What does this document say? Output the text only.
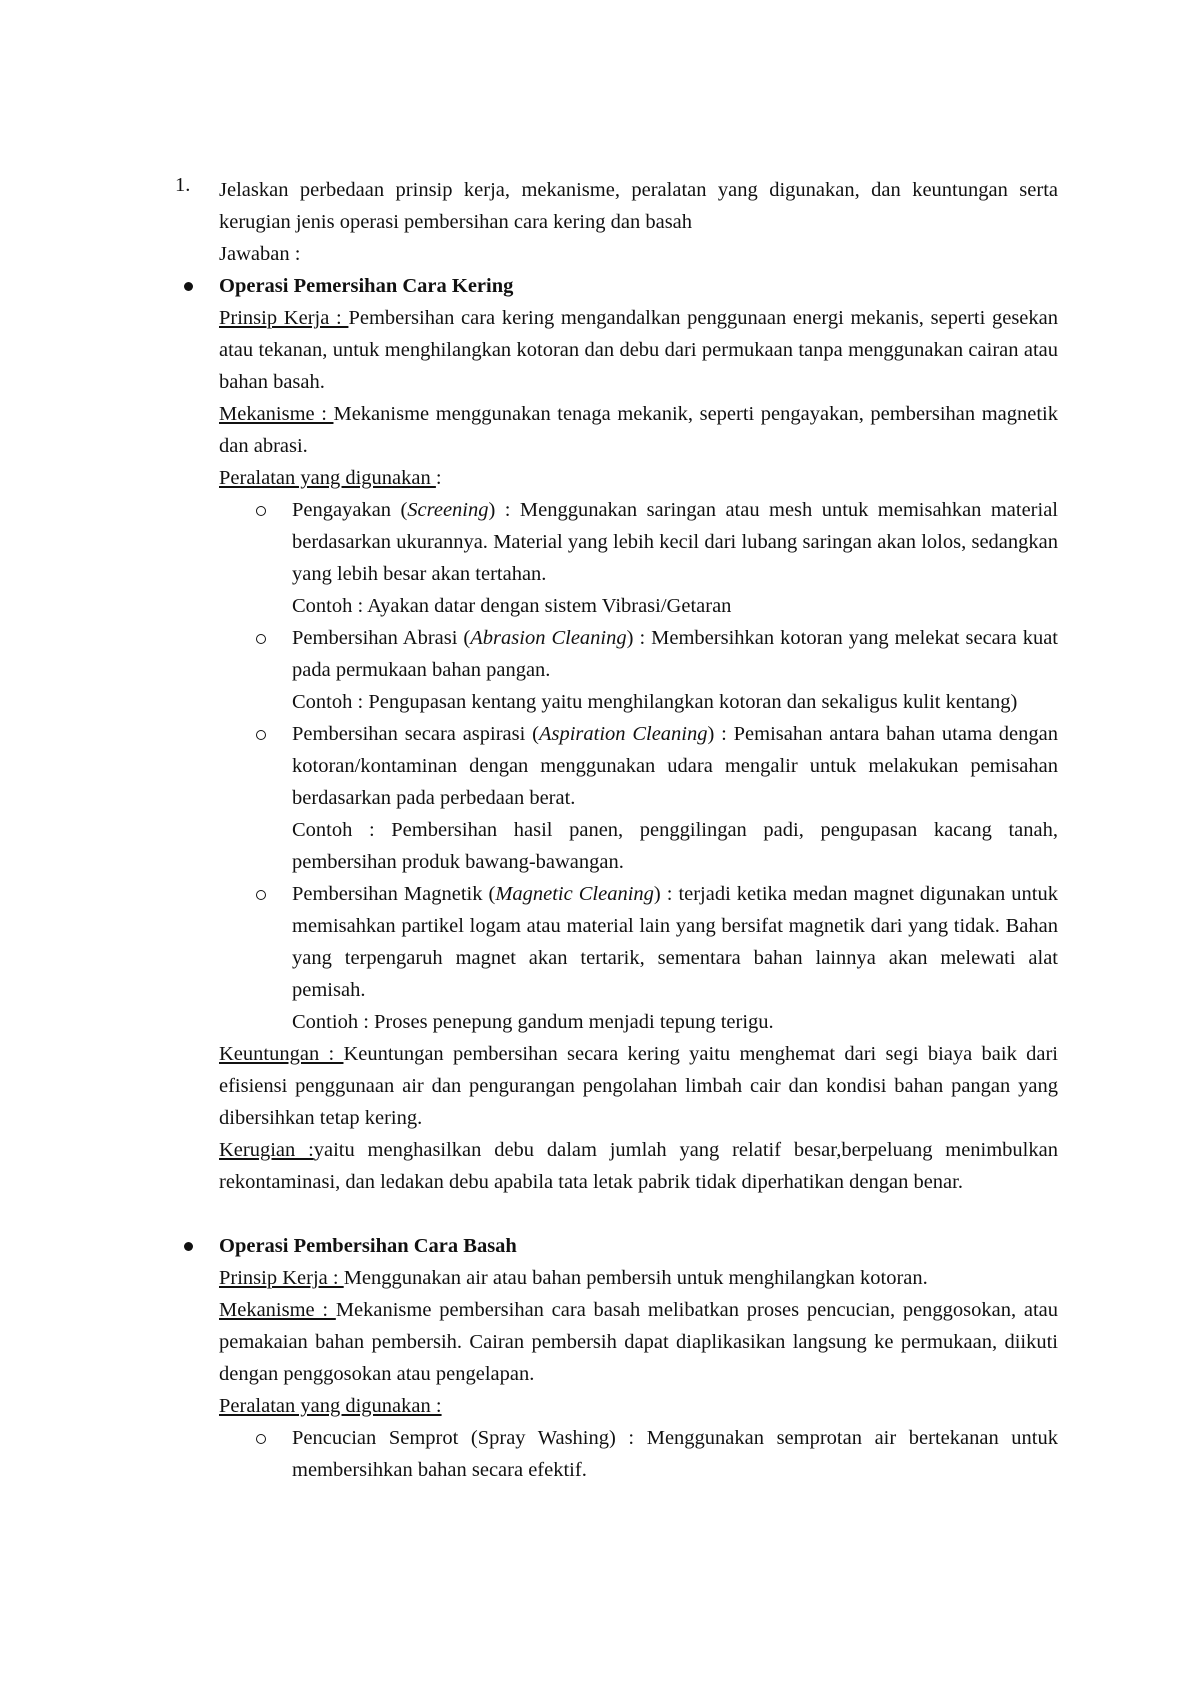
1. Jelaskan perbedaan prinsip kerja, mekanisme, peralatan yang digunakan, dan keuntungan serta kerugian jenis operasi pembersihan cara kering dan basah

Jawaban :

Operasi Pemersihan Cara Kering

Prinsip Kerja : Pembersihan cara kering mengandalkan penggunaan energi mekanis, seperti gesekan atau tekanan, untuk menghilangkan kotoran dan debu dari permukaan tanpa menggunakan cairan atau bahan basah.

Mekanisme : Mekanisme menggunakan tenaga mekanik, seperti pengayakan, pembersihan magnetik dan abrasi.

Peralatan yang digunakan :

Pengayakan (Screening) : Menggunakan saringan atau mesh untuk memisahkan material berdasarkan ukurannya. Material yang lebih kecil dari lubang saringan akan lolos, sedangkan yang lebih besar akan tertahan.

Contoh : Ayakan datar dengan sistem Vibrasi/Getaran

Pembersihan Abrasi (Abrasion Cleaning) : Membersihkan kotoran yang melekat secara kuat pada permukaan bahan pangan.

Contoh : Pengupasan kentang yaitu menghilangkan kotoran dan sekaligus kulit kentang)

Pembersihan secara aspirasi (Aspiration Cleaning) : Pemisahan antara bahan utama dengan kotoran/kontaminan dengan menggunakan udara mengalir untuk melakukan pemisahan berdasarkan pada perbedaan berat.

Contoh : Pembersihan hasil panen, penggilingan padi, pengupasan kacang tanah, pembersihan produk bawang-bawangan.

Pembersihan Magnetik (Magnetic Cleaning) : terjadi ketika medan magnet digunakan untuk memisahkan partikel logam atau material lain yang bersifat magnetik dari yang tidak. Bahan yang terpengaruh magnet akan tertarik, sementara bahan lainnya akan melewati alat pemisah.

Contioh : Proses penepung gandum menjadi tepung terigu.

Keuntungan : Keuntungan pembersihan secara kering yaitu menghemat dari segi biaya baik dari efisiensi penggunaan air dan pengurangan pengolahan limbah cair dan kondisi bahan pangan yang dibersihkan tetap kering.

Kerugian :yaitu menghasilkan debu dalam jumlah yang relatif besar,berpeluang menimbulkan rekontaminasi, dan ledakan debu apabila tata letak pabrik tidak diperhatikan dengan benar.

Operasi Pembersihan Cara Basah

Prinsip Kerja : Menggunakan air atau bahan pembersih untuk menghilangkan kotoran.

Mekanisme : Mekanisme pembersihan cara basah melibatkan proses pencucian, penggosokan, atau pemakaian bahan pembersih. Cairan pembersih dapat diaplikasikan langsung ke permukaan, diikuti dengan penggosokan atau pengelapan.

Peralatan yang digunakan :

Pencucian Semprot (Spray Washing) : Menggunakan semprotan air bertekanan untuk membersihkan bahan secara efektif.
